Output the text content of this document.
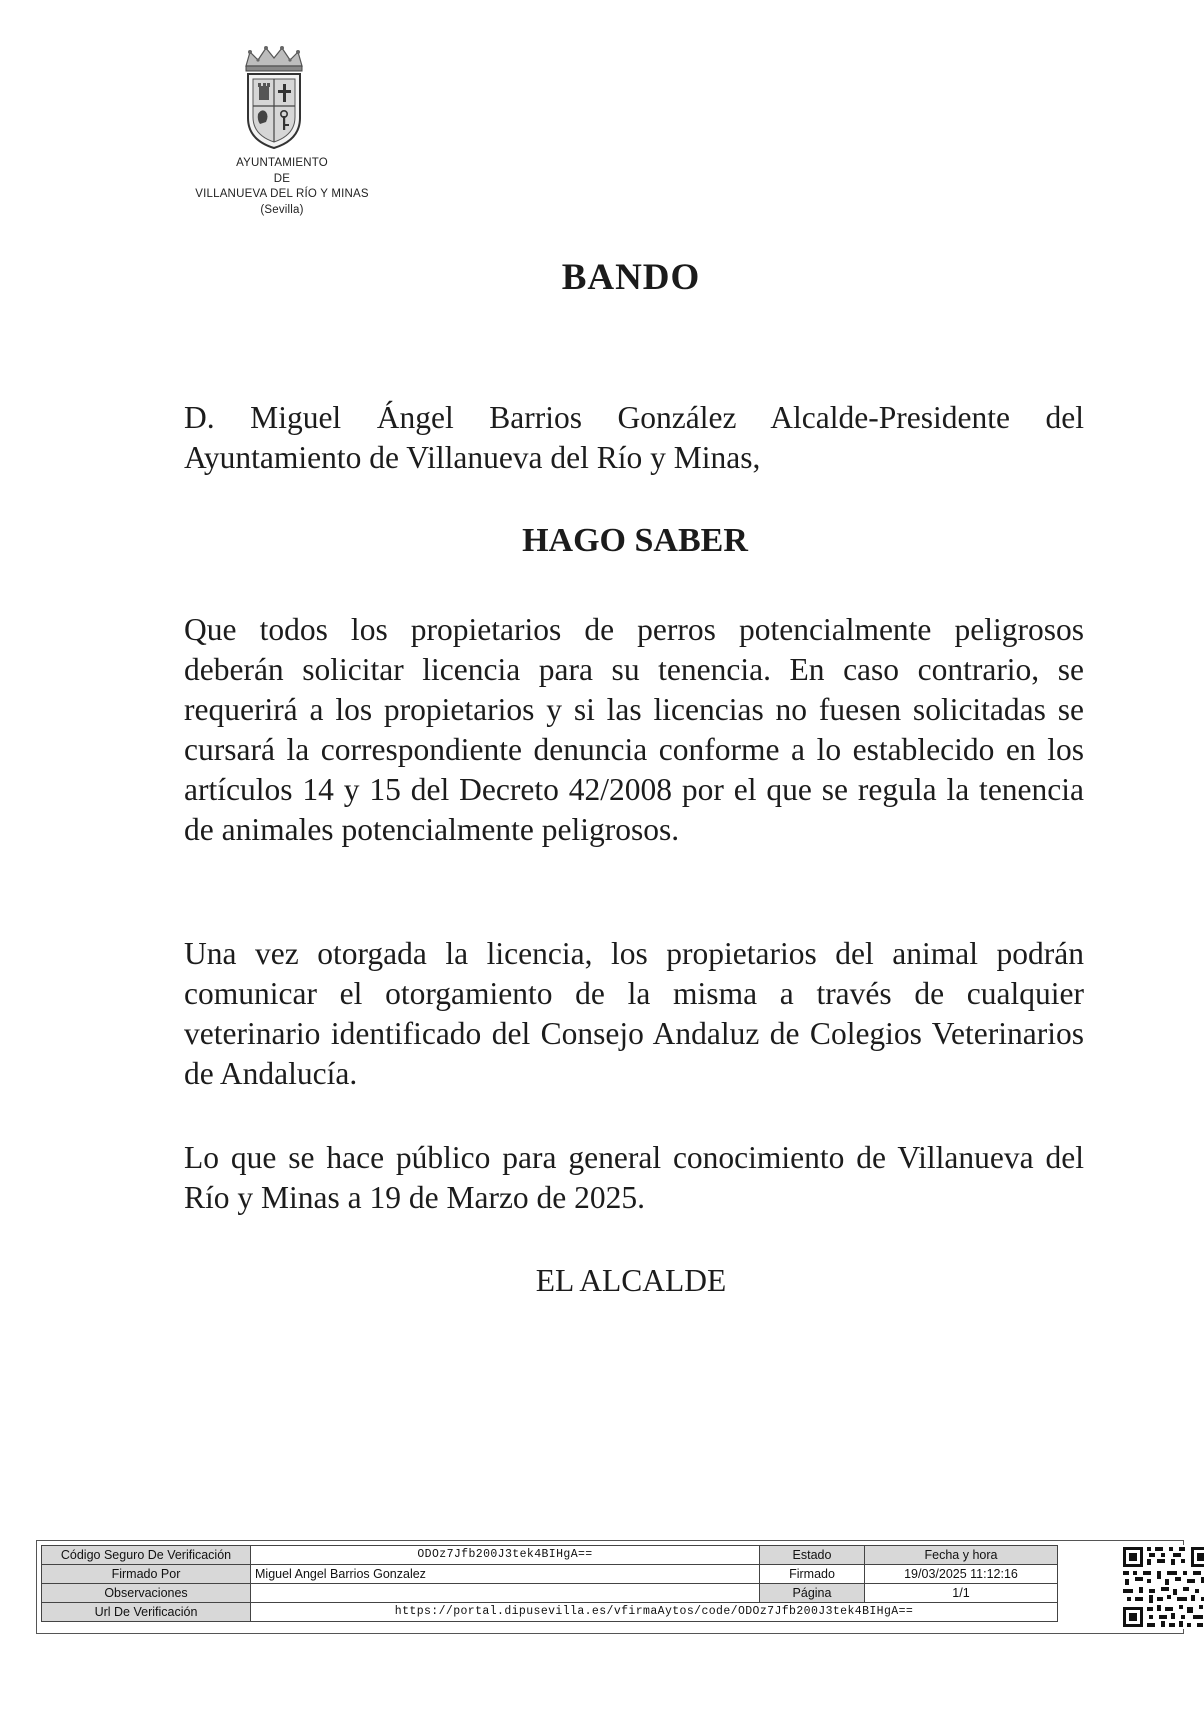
AYUNTAMIENTO
DE
VILLANUEVA DEL RÍO Y MINAS
(Sevilla)
BANDO
D. Miguel Ángel Barrios González Alcalde-Presidente del Ayuntamiento de Villanueva del Río y Minas,
HAGO SABER
Que todos los propietarios de perros potencialmente peligrosos deberán solicitar licencia para su tenencia. En caso contrario, se requerirá a los propietarios y si las licencias no fuesen solicitadas se cursará la correspondiente denuncia conforme a lo establecido en los artículos 14 y 15 del Decreto 42/2008 por el que se regula la tenencia de animales potencialmente peligrosos.
Una vez otorgada la licencia, los propietarios del animal podrán comunicar el otorgamiento de la misma a través de cualquier veterinario identificado del Consejo Andaluz de Colegios Veterinarios de Andalucía.
Lo que se hace público para general conocimiento de Villanueva del Río y Minas a 19 de Marzo de 2025.
EL ALCALDE
Código Seguro De Verificación	ODOz7Jfb200J3tek4BIHgA==	Estado	Fecha y hora
Firmado Por	Miguel Angel Barrios Gonzalez	Firmado	19/03/2025 11:12:16
Observaciones		Página	1/1
Url De Verificación	https://portal.dipusevilla.es/vfirmaAytos/code/ODOz7Jfb200J3tek4BIHgA==		
